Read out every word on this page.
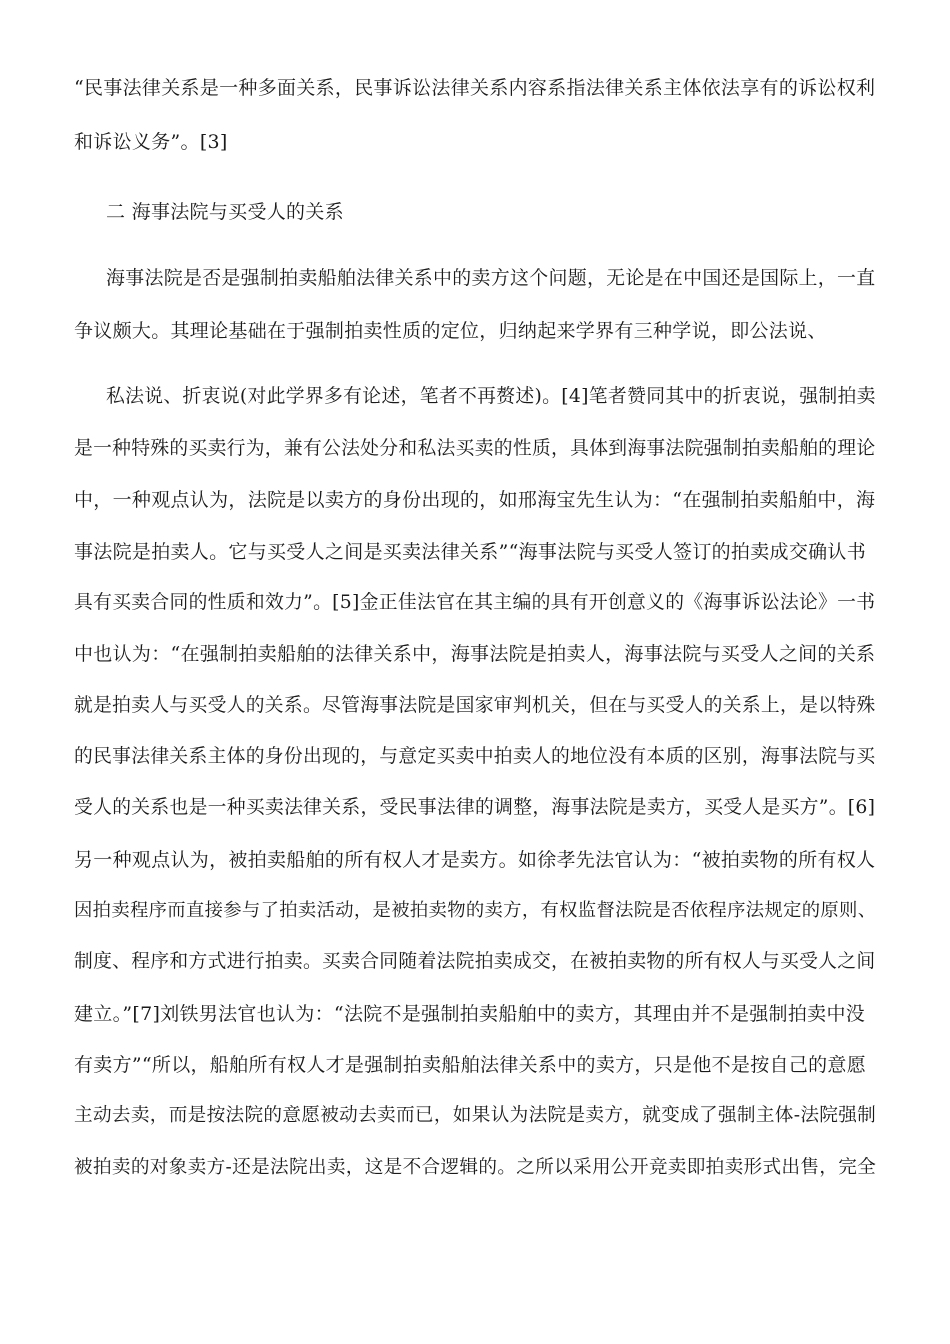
“民事法律关系是一种多面关系，民事诉讼法律关系内容系指法律关系主体依法享有的诉讼权利
和诉讼义务”。[3]
二 海事法院与买受人的关系
海事法院是否是强制拍卖船舶法律关系中的卖方这个问题，无论是在中国还是国际上，一直
争议颇大。其理论基础在于强制拍卖性质的定位，归纳起来学界有三种学说，即公法说、
私法说、折衷说(对此学界多有论述，笔者不再赘述)。[4]笔者赞同其中的折衷说，强制拍卖
是一种特殊的买卖行为，兼有公法处分和私法买卖的性质，具体到海事法院强制拍卖船舶的理论
中，一种观点认为，法院是以卖方的身份出现的，如邢海宝先生认为：“在强制拍卖船舶中，海
事法院是拍卖人。它与买受人之间是买卖法律关系”“海事法院与买受人签订的拍卖成交确认书
具有买卖合同的性质和效力”。[5]金正佳法官在其主编的具有开创意义的《海事诉讼法论》一书
中也认为：“在强制拍卖船舶的法律关系中，海事法院是拍卖人，海事法院与买受人之间的关系
就是拍卖人与买受人的关系。尽管海事法院是国家审判机关，但在与买受人的关系上，是以特殊
的民事法律关系主体的身份出现的，与意定买卖中拍卖人的地位没有本质的区别，海事法院与买
受人的关系也是一种买卖法律关系，受民事法律的调整，海事法院是卖方，买受人是买方”。[6]
另一种观点认为，被拍卖船舶的所有权人才是卖方。如徐孝先法官认为：“被拍卖物的所有权人
因拍卖程序而直接参与了拍卖活动，是被拍卖物的卖方，有权监督法院是否依程序法规定的原则、
制度、程序和方式进行拍卖。买卖合同随着法院拍卖成交，在被拍卖物的所有权人与买受人之间
建立。”[7]刘铁男法官也认为：“法院不是强制拍卖船舶中的卖方，其理由并不是强制拍卖中没
有卖方”“所以，船舶所有权人才是强制拍卖船舶法律关系中的卖方，只是他不是按自己的意愿
主动去卖，而是按法院的意愿被动去卖而已，如果认为法院是卖方，就变成了强制主体-法院强制
被拍卖的对象卖方-还是法院出卖，这是不合逻辑的。之所以采用公开竞卖即拍卖形式出售，完全
